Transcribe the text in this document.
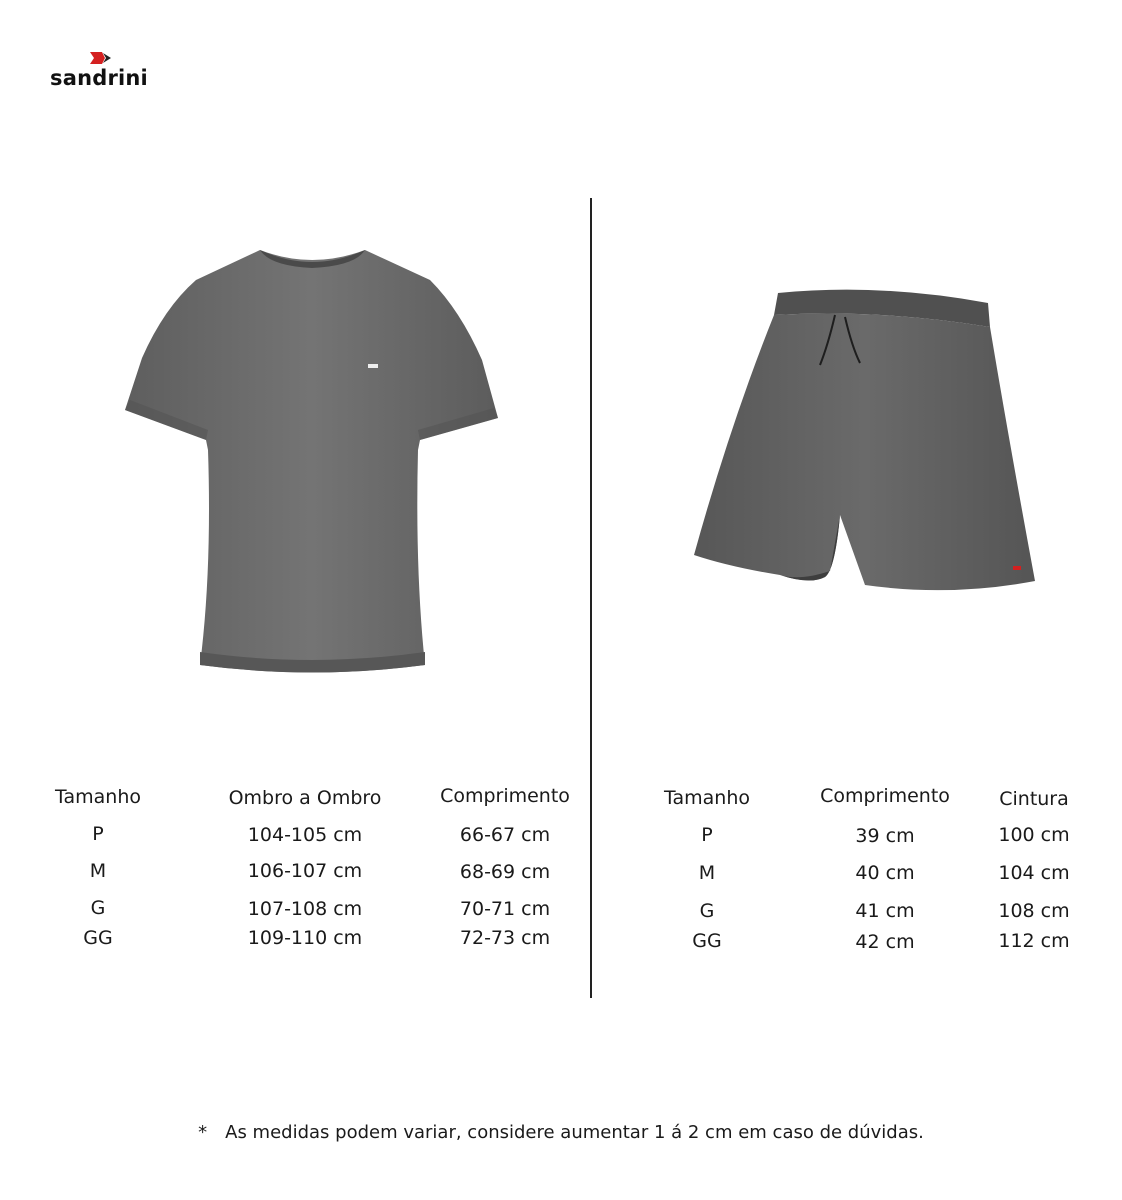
sandrini
Tamanho	Ombro a Ombro	Comprimento
P	104-105 cm	66-67 cm
M	106-107 cm	68-69 cm
G	107-108 cm	70-71 cm
GG	109-110 cm	72-73 cm
Tamanho	Comprimento	Cintura
P	39 cm	100 cm
M	40 cm	104 cm
G	41 cm	108 cm
GG	42 cm	112 cm
* As medidas podem variar, considere aumentar 1 á 2 cm em caso de dúvidas.
